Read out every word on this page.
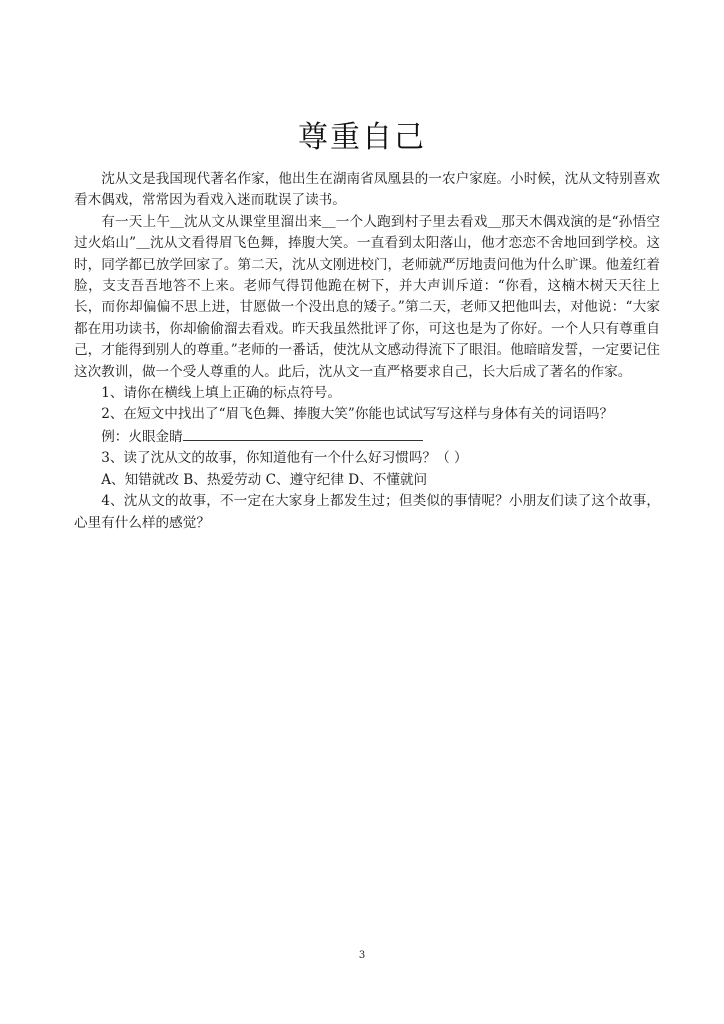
尊重自己

沈从文是我国现代著名作家，他出生在湖南省凤凰县的一农户家庭。小时候，沈从文特别喜欢看木偶戏，常常因为看戏入迷而耽误了读书。

有一天上午＿沈从文从课堂里溜出来＿一个人跑到村子里去看戏＿那天木偶戏演的是“孙悟空过火焰山”＿沈从文看得眉飞色舞，捧腹大笑。一直看到太阳落山，他才恋恋不舍地回到学校。这时，同学都已放学回家了。第二天，沈从文刚进校门，老师就严厉地责问他为什么旷课。他羞红着脸，支支吾吾地答不上来。老师气得罚他跪在树下，并大声训斥道：“你看，这楠木树天天往上长，而你却偏偏不思上进，甘愿做一个没出息的矮子。”第二天，老师又把他叫去，对他说：“大家都在用功读书，你却偷偷溜去看戏。昨天我虽然批评了你，可这也是为了你好。一个人只有尊重自己，才能得到别人的尊重。”老师的一番话，使沈从文感动得流下了眼泪。他暗暗发誓，一定要记住这次教训，做一个受人尊重的人。此后，沈从文一直严格要求自己，长大后成了著名的作家。

1、请你在横线上填上正确的标点符号。

2、在短文中找出了“眉飞色舞、捧腹大笑”你能也试试写写这样与身体有关的词语吗？

例：火眼金睛

3、读了沈从文的故事，你知道他有一个什么好习惯吗？（ ）

A、知错就改 B、热爱劳动 C、遵守纪律 D、不懂就问

4、沈从文的故事，不一定在大家身上都发生过；但类似的事情呢？小朋友们读了这个故事，心里有什么样的感觉？

3
